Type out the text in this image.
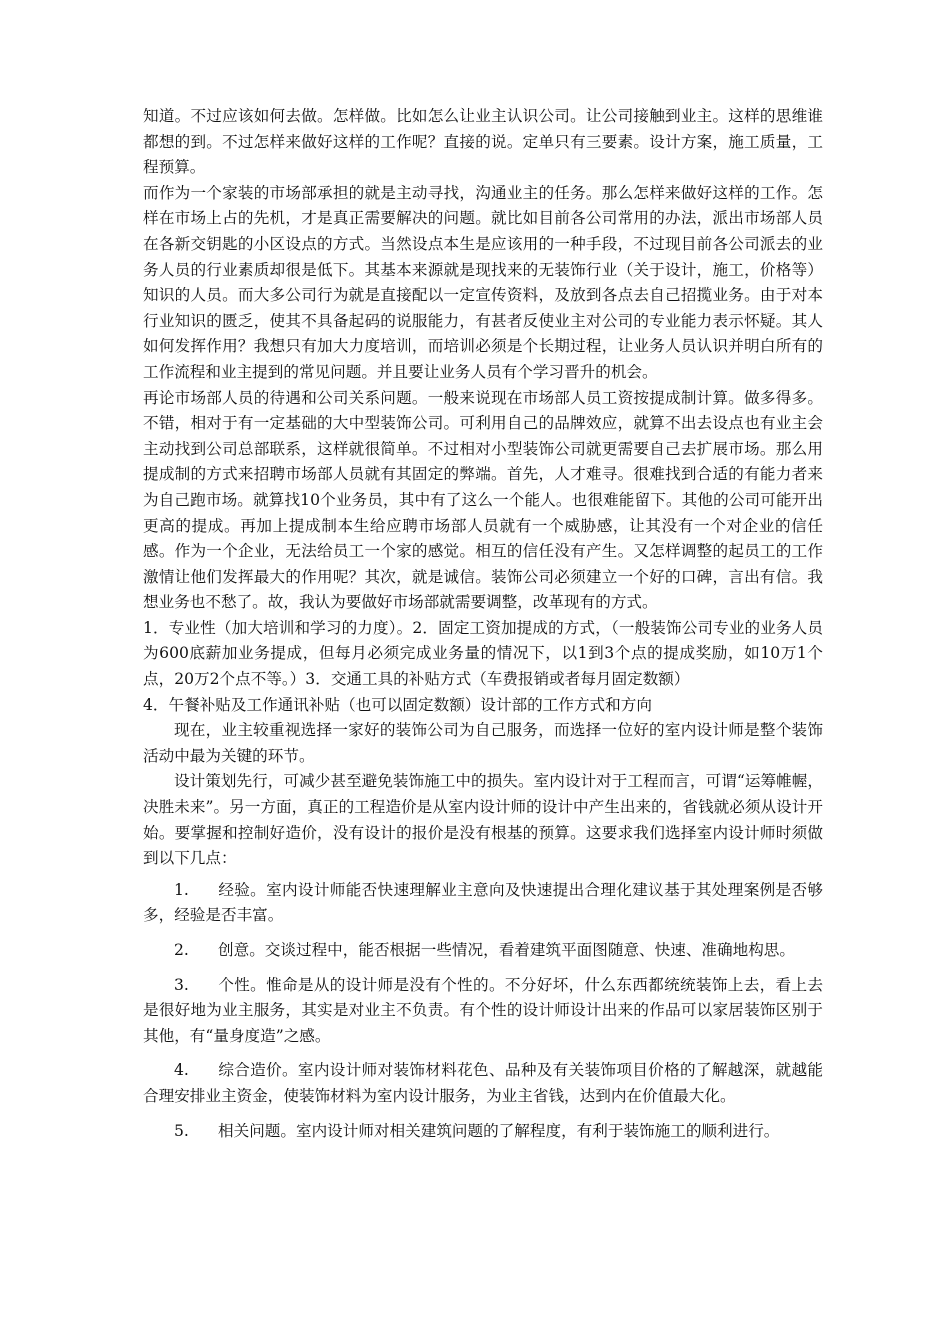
知道。不过应该如何去做。怎样做。比如怎么让业主认识公司。让公司接触到业主。这样的思维谁都想的到。不过怎样来做好这样的工作呢？直接的说。定单只有三要素。设计方案，施工质量，工程预算。

而作为一个家装的市场部承担的就是主动寻找，沟通业主的任务。那么怎样来做好这样的工作。怎样在市场上占的先机，才是真正需要解决的问题。就比如目前各公司常用的办法，派出市场部人员在各新交钥匙的小区设点的方式。当然设点本生是应该用的一种手段，不过现目前各公司派去的业务人员的行业素质却很是低下。其基本来源就是现找来的无装饰行业（关于设计，施工，价格等）知识的人员。而大多公司行为就是直接配以一定宣传资料，及放到各点去自己招揽业务。由于对本行业知识的匮乏，使其不具备起码的说服能力，有甚者反使业主对公司的专业能力表示怀疑。其人如何发挥作用？我想只有加大力度培训，而培训必须是个长期过程，让业务人员认识并明白所有的工作流程和业主提到的常见问题。并且要让业务人员有个学习晋升的机会。

再论市场部人员的待遇和公司关系问题。一般来说现在市场部人员工资按提成制计算。做多得多。不错，相对于有一定基础的大中型装饰公司。可利用自己的品牌效应，就算不出去设点也有业主会主动找到公司总部联系，这样就很简单。不过相对小型装饰公司就更需要自己去扩展市场。那么用提成制的方式来招聘市场部人员就有其固定的弊端。首先，人才难寻。很难找到合适的有能力者来为自己跑市场。就算找10个业务员，其中有了这么一个能人。也很难能留下。其他的公司可能开出更高的提成。再加上提成制本生给应聘市场部人员就有一个威胁感，让其没有一个对企业的信任感。作为一个企业，无法给员工一个家的感觉。相互的信任没有产生。又怎样调整的起员工的工作激情让他们发挥最大的作用呢？其次，就是诚信。装饰公司必须建立一个好的口碑，言出有信。我想业务也不愁了。故，我认为要做好市场部就需要调整，改革现有的方式。

1．专业性（加大培训和学习的力度）。2．固定工资加提成的方式，（一般装饰公司专业的业务人员为600底薪加业务提成，但每月必须完成业务量的情况下，以1到3个点的提成奖励，如10万1个点，20万2个点不等。）3．交通工具的补贴方式（车费报销或者每月固定数额）

4．午餐补贴及工作通讯补贴（也可以固定数额）设计部的工作方式和方向

现在，业主较重视选择一家好的装饰公司为自己服务，而选择一位好的室内设计师是整个装饰活动中最为关键的环节。

设计策划先行，可减少甚至避免装饰施工中的损失。室内设计对于工程而言，可谓“运筹帷幄，决胜未来”。另一方面，真正的工程造价是从室内设计师的设计中产生出来的，省钱就必须从设计开始。要掌握和控制好造价，没有设计的报价是没有根基的预算。这要求我们选择室内设计师时须做到以下几点：

1. 经验。室内设计师能否快速理解业主意向及快速提出合理化建议基于其处理案例是否够多，经验是否丰富。

2. 创意。交谈过程中，能否根据一些情况，看着建筑平面图随意、快速、准确地构思。

3. 个性。惟命是从的设计师是没有个性的。不分好坏，什么东西都统统装饰上去，看上去是很好地为业主服务，其实是对业主不负责。有个性的设计师设计出来的作品可以家居装饰区别于其他，有“量身度造”之感。

4. 综合造价。室内设计师对装饰材料花色、品种及有关装饰项目价格的了解越深，就越能合理安排业主资金，使装饰材料为室内设计服务，为业主省钱，达到内在价值最大化。

5. 相关问题。室内设计师对相关建筑问题的了解程度，有利于装饰施工的顺利进行。
